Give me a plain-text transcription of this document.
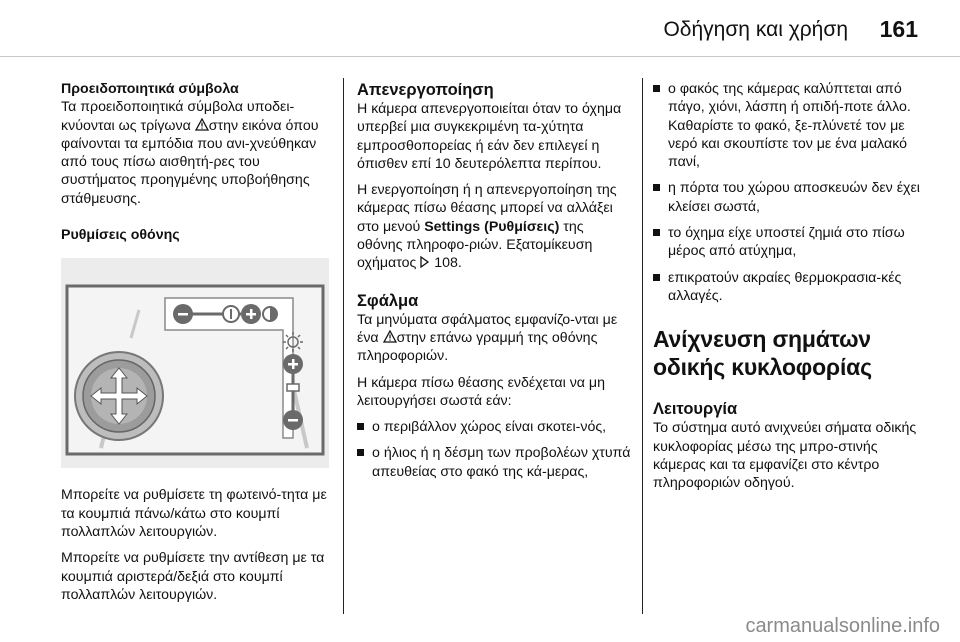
Οδήγηση και χρήση 161

Προειδοποιητικά σύμβολα

Τα προειδοποιητικά σύμβολα υποδει-κνύονται ως τρίγωνα στην εικόνα όπου φαίνονται τα εμπόδια που ανι-χνεύθηκαν από τους πίσω αισθητή-ρες του συστήματος προηγμένης υποβοήθησης στάθμευσης.

Ρυθμίσεις οθόνης

Μπορείτε να ρυθμίσετε τη φωτεινό-τητα με τα κουμπιά πάνω/κάτω στο κουμπί πολλαπλών λειτουργιών.

Μπορείτε να ρυθμίσετε την αντίθεση με τα κουμπιά αριστερά/δεξιά στο κουμπί πολλαπλών λειτουργιών.

Απενεργοποίηση

Η κάμερα απενεργοποιείται όταν το όχημα υπερβεί μια συγκεκριμένη τα-χύτητα εμπροσθοπορείας ή εάν δεν επιλεγεί η όπισθεν επί 10 δευτερόλεπτα περίπου.

Η ενεργοποίηση ή η απενεργοποίηση της κάμερας πίσω θέασης μπορεί να αλλάξει στο μενού Settings (Ρυθμίσεις) της οθόνης πληροφο-ριών. Εξατομίκευση οχήματος 108.

Σφάλμα

Τα μηνύματα σφάλματος εμφανίζο-νται με ένα στην επάνω γραμμή της οθόνης πληροφοριών.

Η κάμερα πίσω θέασης ενδέχεται να μη λειτουργήσει σωστά εάν:

ο περιβάλλον χώρος είναι σκοτει-νός,
ο ήλιος ή η δέσμη των προβολέων χτυπά απευθείας στο φακό της κά-μερας,
ο φακός της κάμερας καλύπτεται από πάγο, χιόνι, λάσπη ή οπιδή-ποτε άλλο. Καθαρίστε το φακό, ξε-πλύνετέ τον με νερό και σκουπίστε τον με ένα μαλακό πανί,
η πόρτα του χώρου αποσκευών δεν έχει κλείσει σωστά,
το όχημα είχε υποστεί ζημιά στο πίσω μέρος από ατύχημα,
επικρατούν ακραίες θερμοκρασια-κές αλλαγές.

Ανίχνευση σημάτων οδικής κυκλοφορίας

Λειτουργία

Το σύστημα αυτό ανιχνεύει σήματα οδικής κυκλοφορίας μέσω της μπρο-στινής κάμερας και τα εμφανίζει στο κέντρο πληροφοριών οδηγού.

carmanualsonline.info
